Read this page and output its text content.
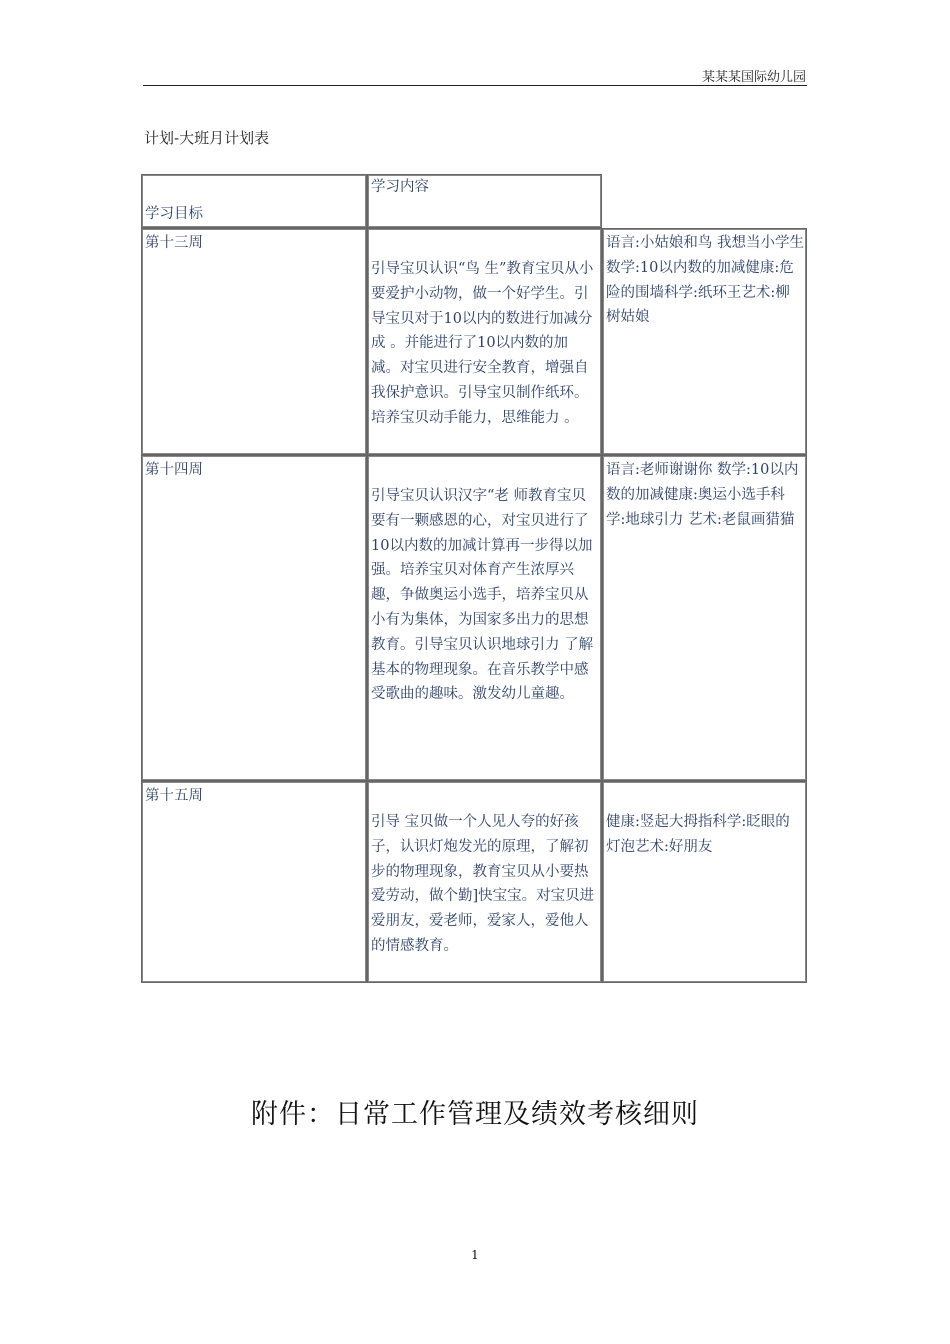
某某某国际幼儿园
计划-大班月计划表
学习目标	学习内容	

第十三周	引导宝贝认识“鸟 生”教育宝贝从小要爱护小动物，做一个好学生。引导宝贝对于10以内的数进行加减分成 。并能进行了10以内数的加减。对宝贝进行安全教育，增强自我保护意识。引导宝贝制作纸环。培养宝贝动手能力，思维能力 。	语言:小姑娘和鸟 我想当小学生数学:10以内数的加减健康:危险的围墙科学:纸环王艺术:柳树姑娘

第十四周	引导宝贝认识汉字“老 师教育宝贝要有一颗感恩的心，对宝贝进行了10以内数的加减计算再一步得以加强。培养宝贝对体育产生浓厚兴趣，争做奥运小选手，培养宝贝从小有为集体，为国家多出力的思想教育。引导宝贝认识地球引力 了解基本的物理现象。在音乐教学中感受歌曲的趣味。激发幼儿童趣。	语言:老师谢谢你 数学:10以内数的加减健康:奥运小选手科学:地球引力 艺术:老鼠画猎猫

第十五周	引导 宝贝做一个人见人夸的好孩子，认识灯炮发光的原理，了解初步的物理现象，教育宝贝从小要热爱劳动，做个勤]快宝宝。对宝贝进爱朋友，爱老师，爱家人，爱他人的情感教育。	健康:竖起大拇指科学:眨眼的灯泡艺术:好朋友
附件：日常工作管理及绩效考核细则
1
